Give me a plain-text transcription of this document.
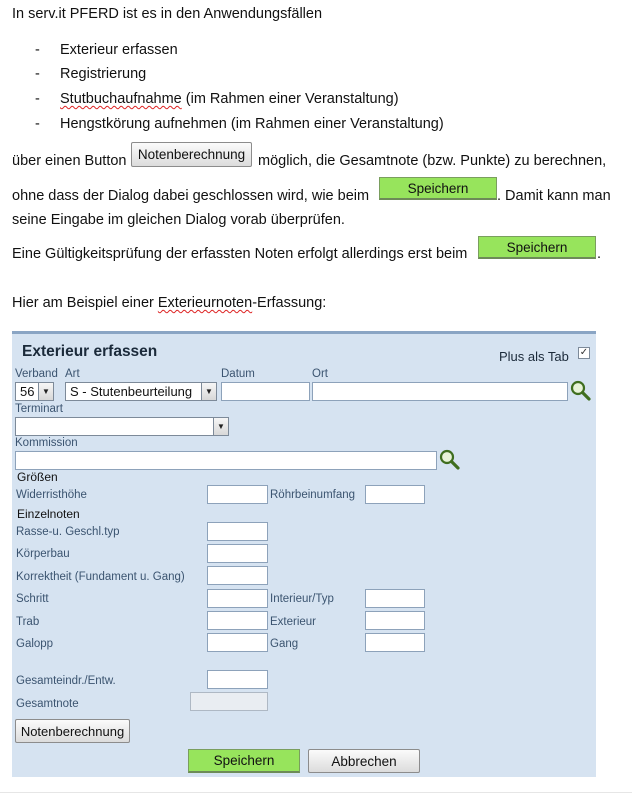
In serv.it PFERD ist es in den Anwendungsfällen
- Exterieur erfassen
- Registrierung
- Stutbuchaufnahme (im Rahmen einer Veranstaltung)
- Hengstkörung aufnehmen (im Rahmen einer Veranstaltung)
über einen Button Notenberechnung möglich, die Gesamtnote (bzw. Punkte) zu berechnen,
ohne dass der Dialog dabei geschlossen wird, wie beim	Speichern	. Damit kann man
seine Eingabe im gleichen Dialog vorab überprüfen.
Eine Gültigkeitsprüfung der erfassten Noten erfolgt allerdings erst beim	Speichern	.
Hier am Beispiel einer Exterieurnoten-Erfassung:
Exterieur erfassen	Plus als Tab ✓
Verband Art	Datum	Ort
56 ▼ S - Stutenbeurteilung	▼
Terminart
▼
Kommission
Größen
Widerristhöhe	Röhrbeinumfang
Einzelnoten
Rasse-u. Geschl.typ
Körperbau
Korrektheit (Fundament u. Gang)
Schritt	Interieur/Typ
Trab	Exterieur
Galopp	Gang
Gesamteindr./Entw.
Gesamtnote
Notenberechnung
Speichern	Abbrechen
